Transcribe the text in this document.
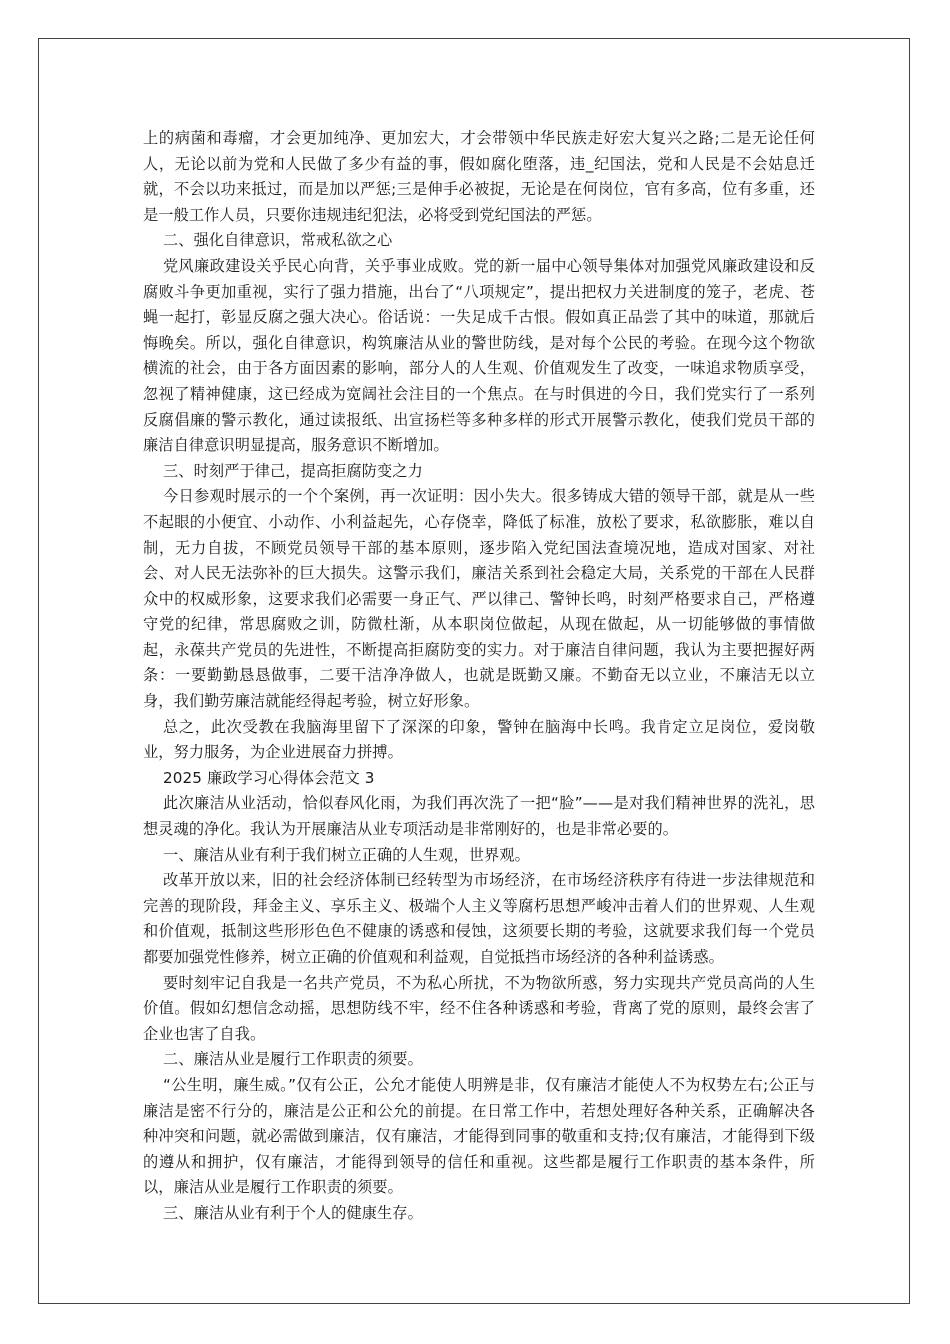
上的病菌和毒瘤，才会更加纯净、更加宏大，才会带领中华民族走好宏大复兴之路;二是无论任何人，无论以前为党和人民做了多少有益的事，假如腐化堕落，违_纪国法，党和人民是不会姑息迁就，不会以功来抵过，而是加以严惩;三是伸手必被捉，无论是在何岗位，官有多高，位有多重，还是一般工作人员，只要你违规违纪犯法，必将受到党纪国法的严惩。

二、强化自律意识，常戒私欲之心

党风廉政建设关乎民心向背，关乎事业成败。党的新一届中心领导集体对加强党风廉政建设和反腐败斗争更加重视，实行了强力措施，出台了“八项规定”，提出把权力关进制度的笼子，老虎、苍蝇一起打，彰显反腐之强大决心。俗话说：一失足成千古恨。假如真正品尝了其中的味道，那就后悔晚矣。所以，强化自律意识，构筑廉洁从业的警世防线，是对每个公民的考验。在现今这个物欲横流的社会，由于各方面因素的影响，部分人的人生观、价值观发生了改变，一味追求物质享受，忽视了精神健康，这已经成为宽阔社会注目的一个焦点。在与时俱进的今日，我们党实行了一系列反腐倡廉的警示教化，通过读报纸、出宣扬栏等多种多样的形式开展警示教化，使我们党员干部的廉洁自律意识明显提高，服务意识不断增加。

三、时刻严于律己，提高拒腐防变之力

今日参观时展示的一个个案例，再一次证明：因小失大。很多铸成大错的领导干部，就是从一些不起眼的小便宜、小动作、小利益起先，心存侥幸，降低了标准，放松了要求，私欲膨胀，难以自制，无力自拔，不顾党员领导干部的基本原则，逐步陷入党纪国法查境况地，造成对国家、对社会、对人民无法弥补的巨大损失。这警示我们，廉洁关系到社会稳定大局，关系党的干部在人民群众中的权威形象，这要求我们必需要一身正气、严以律己、警钟长鸣，时刻严格要求自己，严格遵守党的纪律，常思腐败之训，防微杜渐，从本职岗位做起，从现在做起，从一切能够做的事情做起，永葆共产党员的先进性，不断提高拒腐防变的实力。对于廉洁自律问题，我认为主要把握好两条：一要勤勤恳恳做事，二要干洁净净做人，也就是既勤又廉。不勤奋无以立业，不廉洁无以立身，我们勤劳廉洁就能经得起考验，树立好形象。

总之，此次受教在我脑海里留下了深深的印象，警钟在脑海中长鸣。我肯定立足岗位，爱岗敬业，努力服务，为企业进展奋力拼搏。

2025 廉政学习心得体会范文 3

此次廉洁从业活动，恰似春风化雨，为我们再次洗了一把“脸”——是对我们精神世界的洗礼，思想灵魂的净化。我认为开展廉洁从业专项活动是非常刚好的，也是非常必要的。

一、廉洁从业有利于我们树立正确的人生观，世界观。

改革开放以来，旧的社会经济体制已经转型为市场经济，在市场经济秩序有待进一步法律规范和完善的现阶段，拜金主义、享乐主义、极端个人主义等腐朽思想严峻冲击着人们的世界观、人生观和价值观，抵制这些形形色色不健康的诱惑和侵蚀，这须要长期的考验，这就要求我们每一个党员都要加强党性修养，树立正确的价值观和利益观，自觉抵挡市场经济的各种利益诱惑。

要时刻牢记自我是一名共产党员，不为私心所扰，不为物欲所惑，努力实现共产党员高尚的人生价值。假如幻想信念动摇，思想防线不牢，经不住各种诱惑和考验，背离了党的原则，最终会害了企业也害了自我。

二、廉洁从业是履行工作职责的须要。

“公生明，廉生威。”仅有公正，公允才能使人明辨是非，仅有廉洁才能使人不为权势左右;公正与廉洁是密不行分的，廉洁是公正和公允的前提。在日常工作中，若想处理好各种关系，正确解决各种冲突和问题，就必需做到廉洁，仅有廉洁，才能得到同事的敬重和支持;仅有廉洁，才能得到下级的遵从和拥护，仅有廉洁，才能得到领导的信任和重视。这些都是履行工作职责的基本条件，所以，廉洁从业是履行工作职责的须要。

三、廉洁从业有利于个人的健康生存。
